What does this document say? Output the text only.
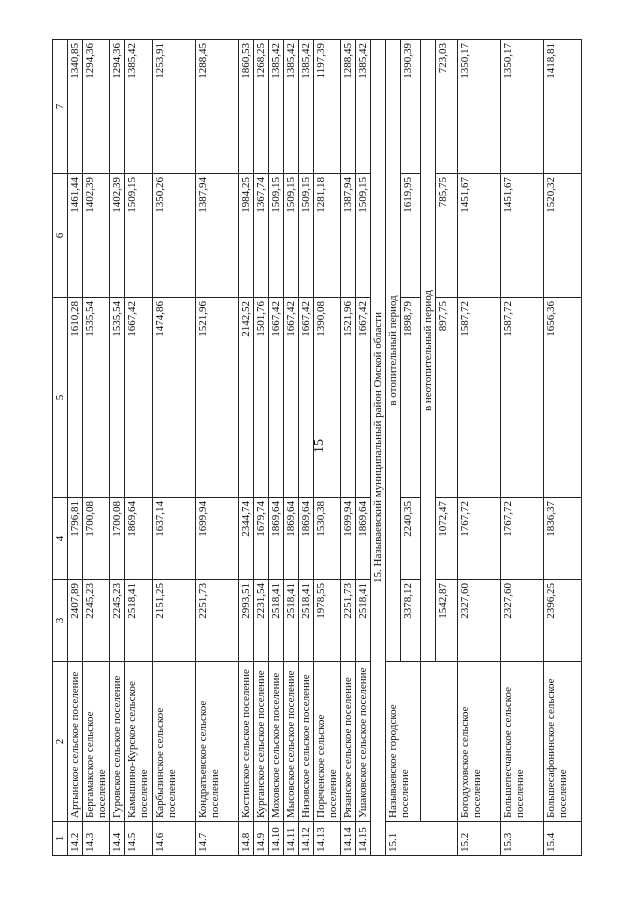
15
1	2	3	4	5	6	7
14.2	Артынское сельское поселение	2407,89	1796,81	1610,28	1461,44	1340,85
14.3	Бергамакское сельское поселение	2245,23	1700,08	1535,54	1402,39	1294,36
14.4	Гуровское сельское поселение	2245,23	1700,08	1535,54	1402,39	1294,36
14.5	Камышино-Курское сельское поселение	2518,41	1869,64	1667,42	1509,15	1385,42
14.6	Карбызинское сельское поселение	2151,25	1637,14	1474,86	1350,26	1253,91
14.7	Кондратьевское сельское поселение	2251,73	1699,94	1521,96	1387,94	1288,45
14.8	Костинское сельское поселение	2993,51	2344,74	2142,52	1984,25	1860,53
14.9	Курганское сельское поселение	2231,54	1679,74	1501,76	1367,74	1268,25
14.10	Моховское сельское поселение	2518,41	1869,64	1667,42	1509,15	1385,42
14.11	Мысовское сельское поселение	2518,41	1869,64	1667,42	1509,15	1385,42
14.12	Низовское сельское поселение	2518,41	1869,64	1667,42	1509,15	1385,42
14.13	Пореченское сельское поселение	1978,55	1530,38	1390,08	1281,18	1197,39
14.14	Рязанское сельское поселение	2251,73	1699,94	1521,96	1387,94	1288,45
14.15	Ушаковское сельское поселение	2518,41	1869,64	1667,42	1509,15	1385,42
15. Называевский муниципальный район Омской области						
15.1	Называевское городское поселение	в отопительный период				
		3378,12	2240,35	1898,79	1619,95	1390,39
		в неотопительный период				
		1542,87	1072,47	897,75	785,75	723,03
15.2	Богодуховское сельское поселение	2327,60	1767,72	1587,72	1451,67	1350,17
15.3	Большепесчанское сельское поселение	2327,60	1767,72	1587,72	1451,67	1350,17
15.4	Большесафонинское сельское поселение	2396,25	1836,37	1656,36	1520,32	1418,81
